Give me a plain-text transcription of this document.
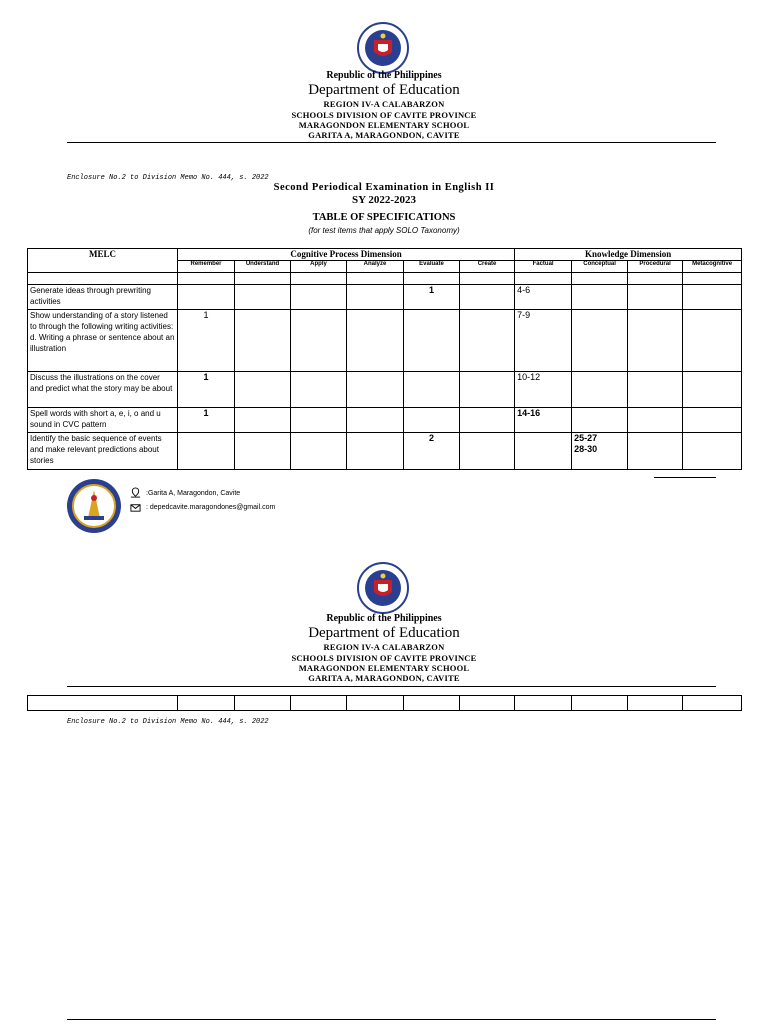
Republic of the Philippines
Department of Education
REGION IV-A CALABARZON
SCHOOLS DIVISION OF CAVITE PROVINCE
MARAGONDON ELEMENTARY SCHOOL
GARITA A, MARAGONDON, CAVITE
Enclosure No.2 to Division Memo No. 444, s. 2022
Second Periodical Examination in English II
SY 2022-2023
TABLE OF SPECIFICATIONS
(for test items that apply SOLO Taxonomy)
MELC	Cognitive Process Dimension						Knowledge Dimension			
	Remember	Understand	Apply	Analyze	Evaluate	Create	Factual	Conceptual	Procedural	Metacognitive

Generate ideas through prewriting activities					1		4-6			
Show understanding of a story listened to through the following writing activities:
d. Writing a phrase or sentence about an illustration	1						7-9			
Discuss the illustrations on the cover and predict what the story may be about	1						10-12			
Spell words with short a, e, i, o and u sound in CVC pattern	1						14-16			
Identify the basic sequence of events and make relevant predictions about stories					2			25-27
28-30		
:Garita A, Maragondon, Cavite
: depedcavite.maragondones@gmail.com
Republic of the Philippines
Department of Education
REGION IV-A CALABARZON
SCHOOLS DIVISION OF CAVITE PROVINCE
MARAGONDON ELEMENTARY SCHOOL
GARITA A, MARAGONDON, CAVITE

Enclosure No.2 to Division Memo No. 444, s. 2022
